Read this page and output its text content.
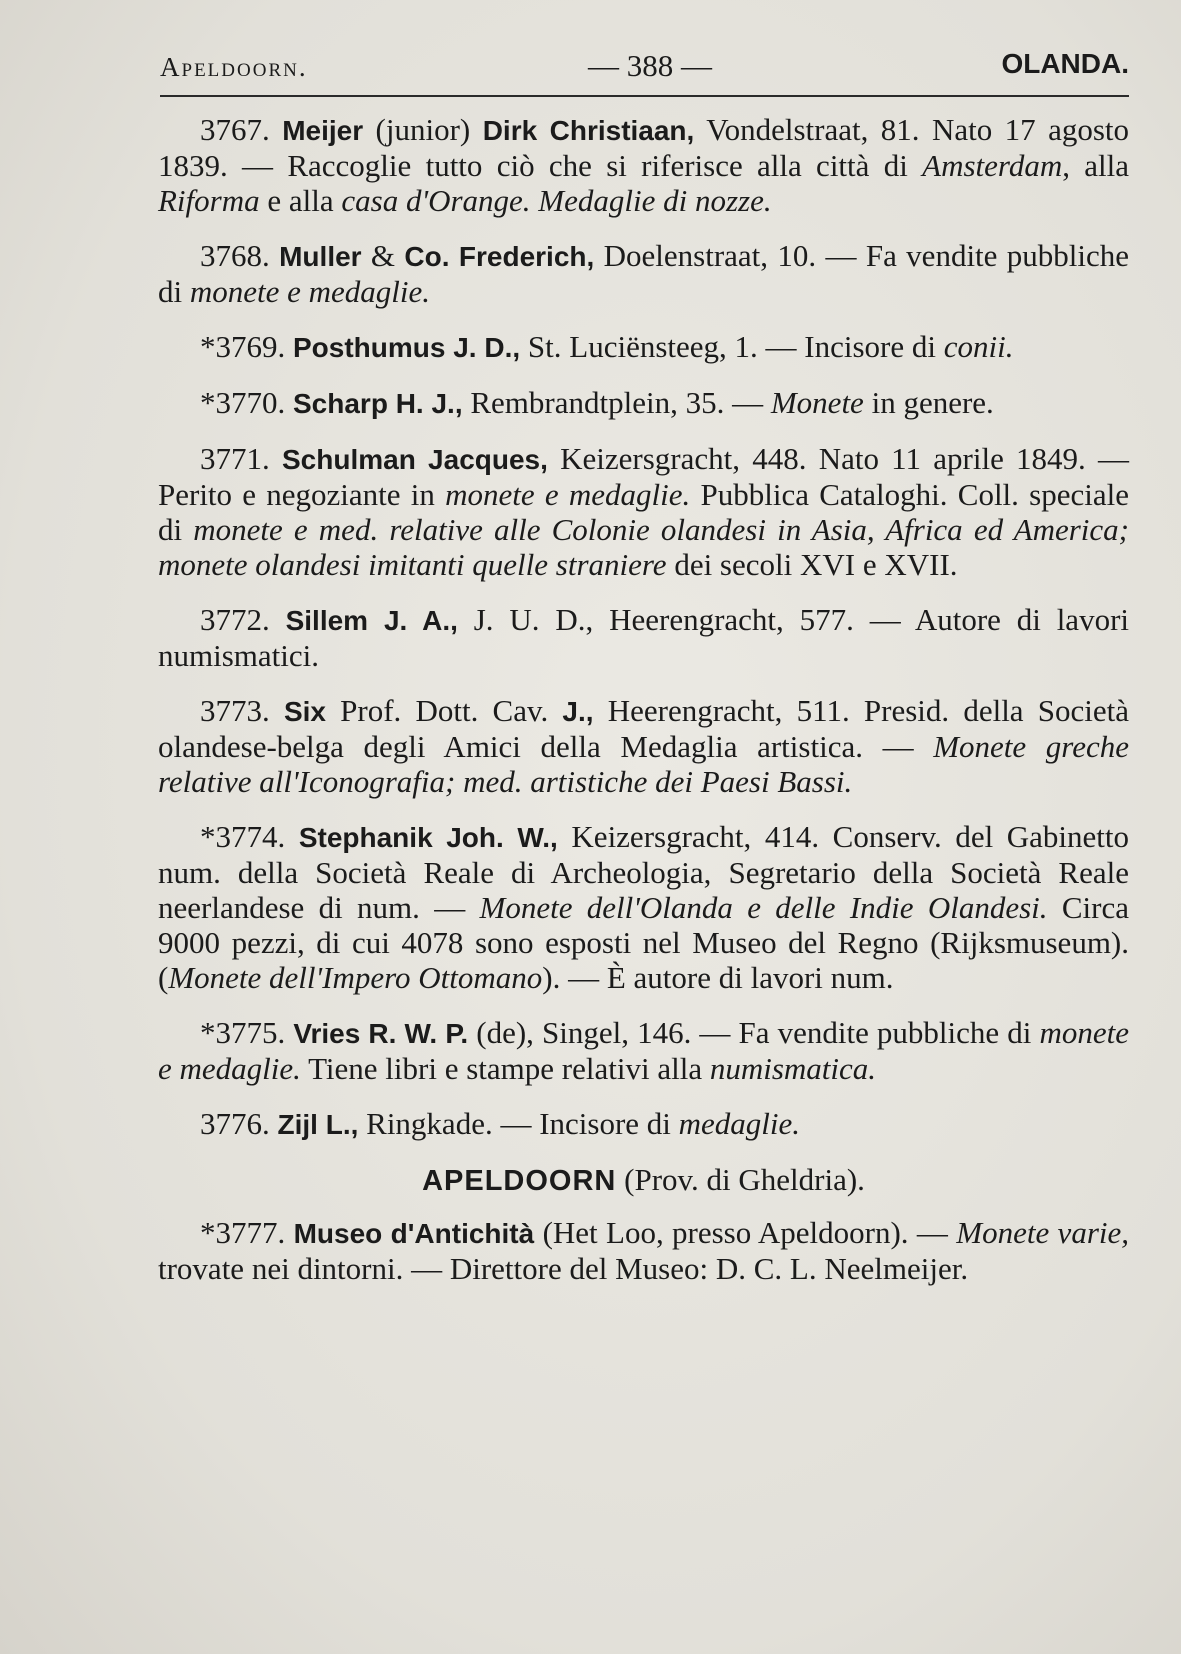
Apeldoorn.	— 388 —	OLANDA.

3767. Meijer (junior) Dirk Christiaan, Vondelstraat, 81. Nato 17 agosto 1839. — Raccoglie tutto ciò che si riferisce alla città di Amsterdam, alla Riforma e alla casa d'Orange. Medaglie di nozze.

3768. Muller & Co. Frederich, Doelenstraat, 10. — Fa vendite pubbliche di monete e medaglie.

*3769. Posthumus J. D., St. Luciënsteeg, 1. — Incisore di conii.

*3770. Scharp H. J., Rembrandtplein, 35. — Monete in genere.

3771. Schulman Jacques, Keizersgracht, 448. Nato 11 aprile 1849. — Perito e negoziante in monete e medaglie. Pubblica Cataloghi. Coll. speciale di monete e med. relative alle Colonie olandesi in Asia, Africa ed America; monete olandesi imitanti quelle straniere dei secoli XVI e XVII.

3772. Sillem J. A., J. U. D., Heerengracht, 577. — Autore di lavori numismatici.

3773. Six Prof. Dott. Cav. J., Heerengracht, 511. Presid. della Società olandese-belga degli Amici della Medaglia artistica. — Monete greche relative all'Iconografia; med. artistiche dei Paesi Bassi.

*3774. Stephanik Joh. W., Keizersgracht, 414. Conserv. del Gabinetto num. della Società Reale di Archeologia, Segretario della Società Reale neerlandese di num. — Monete dell'Olanda e delle Indie Olandesi. Circa 9000 pezzi, di cui 4078 sono esposti nel Museo del Regno (Rijksmuseum). (Monete dell'Impero Ottomano). — È autore di lavori num.

*3775. Vries R. W. P. (de), Singel, 146. — Fa vendite pubbliche di monete e medaglie. Tiene libri e stampe relativi alla numismatica.

3776. Zijl L., Ringkade. — Incisore di medaglie.

APELDOORN (Prov. di Gheldria).

*3777. Museo d'Antichità (Het Loo, presso Apeldoorn). — Monete varie, trovate nei dintorni. — Direttore del Museo: D. C. L. Neelmeijer.
